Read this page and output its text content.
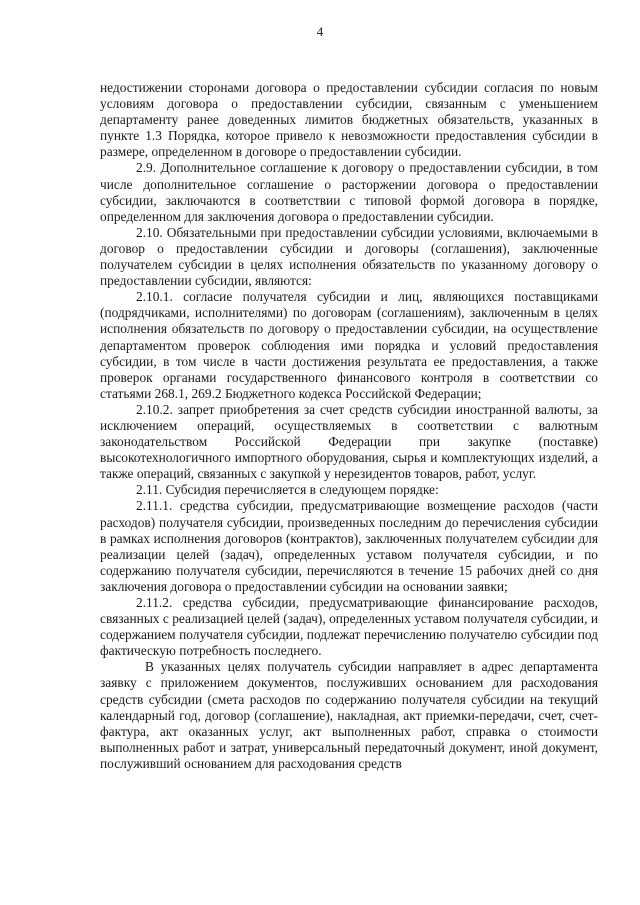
4

недостижении сторонами договора о предоставлении субсидии согласия по новым условиям договора о предоставлении субсидии, связанным с уменьшением департаменту ранее доведенных лимитов бюджетных обязательств, указанных в пункте 1.3 Порядка, которое привело к невозможности предоставления субсидии в размере, определенном в договоре о предоставлении субсидии.

2.9. Дополнительное соглашение к договору о предоставлении субсидии, в том числе дополнительное соглашение о расторжении договора о предоставлении субсидии, заключаются в соответствии с типовой формой договора в порядке, определенном для заключения договора о предоставлении субсидии.

2.10. Обязательными при предоставлении субсидии условиями, включаемыми в договор о предоставлении субсидии и договоры (соглашения), заключенные получателем субсидии в целях исполнения обязательств по указанному договору о предоставлении субсидии, являются:

2.10.1. согласие получателя субсидии и лиц, являющихся поставщиками (подрядчиками, исполнителями) по договорам (соглашениям), заключенным в целях исполнения обязательств по договору о предоставлении субсидии, на осуществление департаментом проверок соблюдения ими порядка и условий предоставления субсидии, в том числе в части достижения результата ее предоставления, а также проверок органами государственного финансового контроля в соответствии со статьями 268.1, 269.2 Бюджетного кодекса Российской Федерации;

2.10.2. запрет приобретения за счет средств субсидии иностранной валюты, за исключением операций, осуществляемых в соответствии с валютным законодательством Российской Федерации при закупке (поставке) высокотехнологичного импортного оборудования, сырья и комплектующих изделий, а также операций, связанных с закупкой у нерезидентов товаров, работ, услуг.

2.11. Субсидия перечисляется в следующем порядке:

2.11.1. средства субсидии, предусматривающие возмещение расходов (части расходов) получателя субсидии, произведенных последним до перечисления субсидии в рамках исполнения договоров (контрактов), заключенных получателем субсидии для реализации целей (задач), определенных уставом получателя субсидии, и по содержанию получателя субсидии, перечисляются в течение 15 рабочих дней со дня заключения договора о предоставлении субсидии на основании заявки;

2.11.2. средства субсидии, предусматривающие финансирование расходов, связанных с реализацией целей (задач), определенных уставом получателя субсидии, и содержанием получателя субсидии, подлежат перечислению получателю субсидии под фактическую потребность последнего.

В указанных целях получатель субсидии направляет в адрес департамента заявку с приложением документов, послуживших основанием для расходования средств субсидии (смета расходов по содержанию получателя субсидии на текущий календарный год, договор (соглашение), накладная, акт приемки-передачи, счет, счет-фактура, акт оказанных услуг, акт выполненных работ, справка о стоимости выполненных работ и затрат, универсальный передаточный документ, иной документ, послуживший основанием для расходования средств
